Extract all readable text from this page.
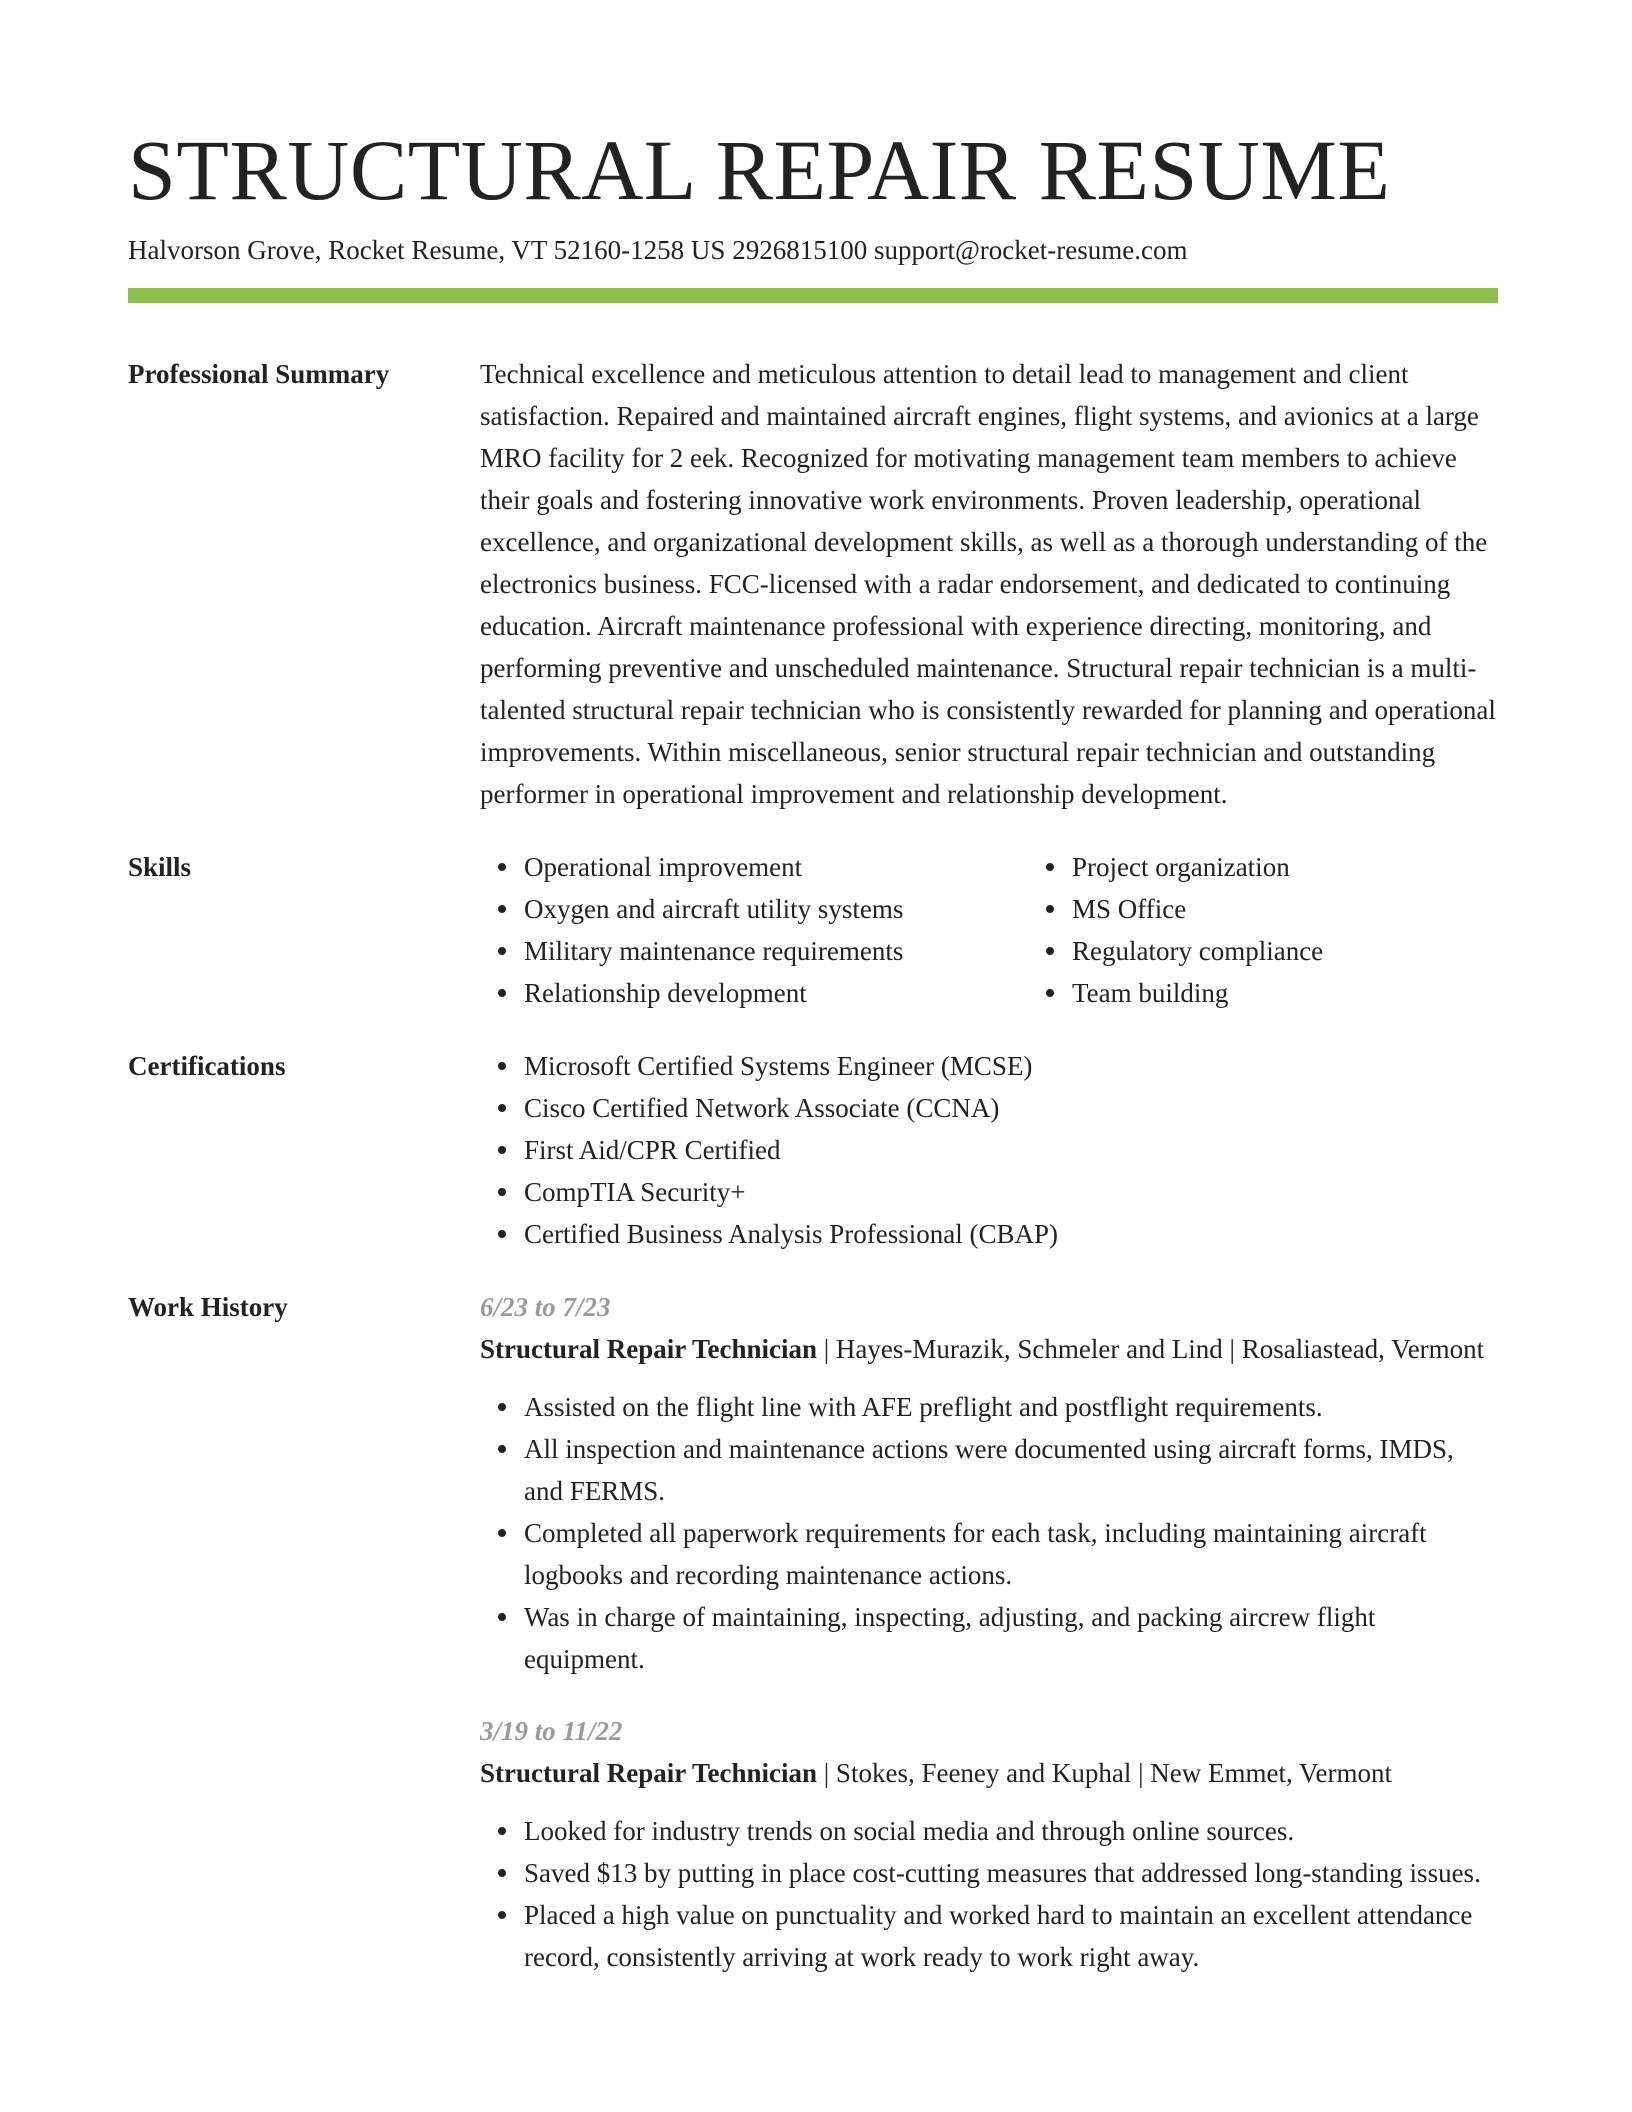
STRUCTURAL REPAIR RESUME
Halvorson Grove, Rocket Resume, VT 52160-1258 US 2926815100 support@rocket-resume.com
Professional Summary	Technical excellence and meticulous attention to detail lead to management and client satisfaction. Repaired and maintained aircraft engines, flight systems, and avionics at a large MRO facility for 2 eek. Recognized for motivating management team members to achieve their goals and fostering innovative work environments. Proven leadership, operational excellence, and organizational development skills, as well as a thorough understanding of the electronics business. FCC-licensed with a radar endorsement, and dedicated to continuing education. Aircraft maintenance professional with experience directing, monitoring, and performing preventive and unscheduled maintenance. Structural repair technician is a multi-talented structural repair technician who is consistently rewarded for planning and operational improvements. Within miscellaneous, senior structural repair technician and outstanding performer in operational improvement and relationship development.

Skills	Operational improvement
Oxygen and aircraft utility systems
Military maintenance requirements
Relationship development
Project organization
MS Office
Regulatory compliance
Team building
Certifications	Microsoft Certified Systems Engineer (MCSE)
Cisco Certified Network Associate (CCNA)
First Aid/CPR Certified
CompTIA Security+
Certified Business Analysis Professional (CBAP)
Work History	6/23 to 7/23

Structural Repair Technician | Hayes-Murazik, Schmeler and Lind | Rosaliastead, Vermont

Assisted on the flight line with AFE preflight and postflight requirements.
All inspection and maintenance actions were documented using aircraft forms, IMDS, and FERMS.
Completed all paperwork requirements for each task, including maintaining aircraft logbooks and recording maintenance actions.
Was in charge of maintaining, inspecting, adjusting, and packing aircrew flight equipment.
3/19 to 11/22

Structural Repair Technician | Stokes, Feeney and Kuphal | New Emmet, Vermont

Looked for industry trends on social media and through online sources.
Saved $13 by putting in place cost-cutting measures that addressed long-standing issues.
Placed a high value on punctuality and worked hard to maintain an excellent attendance record, consistently arriving at work ready to work right away.
